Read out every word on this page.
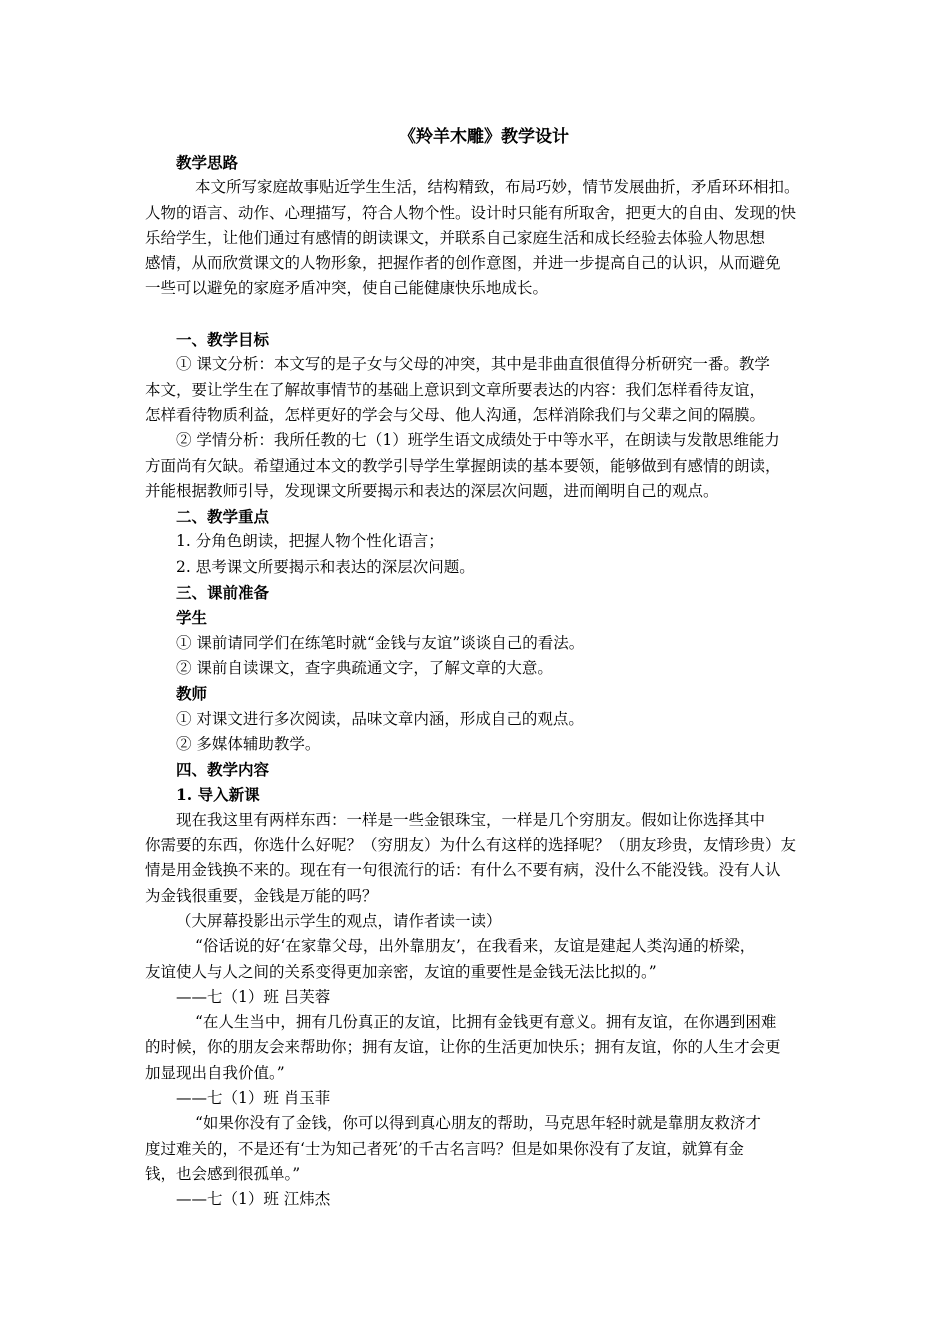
《羚羊木雕》教学设计

教学思路

本文所写家庭故事贴近学生生活，结构精致，布局巧妙，情节发展曲折，矛盾环环相扣。

人物的语言、动作、心理描写，符合人物个性。设计时只能有所取舍，把更大的自由、发现的快

乐给学生，让他们通过有感情的朗读课文，并联系自己家庭生活和成长经验去体验人物思想

感情，从而欣赏课文的人物形象，把握作者的创作意图，并进一步提高自己的认识，从而避免

一些可以避免的家庭矛盾冲突，使自己能健康快乐地成长。

一、教学目标

① 课文分析：本文写的是子女与父母的冲突，其中是非曲直很值得分析研究一番。教学

本文，要让学生在了解故事情节的基础上意识到文章所要表达的内容：我们怎样看待友谊，

怎样看待物质利益，怎样更好的学会与父母、他人沟通，怎样消除我们与父辈之间的隔膜。

② 学情分析：我所任教的七（1）班学生语文成绩处于中等水平，在朗读与发散思维能力

方面尚有欠缺。希望通过本文的教学引导学生掌握朗读的基本要领，能够做到有感情的朗读，

并能根据教师引导，发现课文所要揭示和表达的深层次问题，进而阐明自己的观点。

二、教学重点

1. 分角色朗读，把握人物个性化语言；

2. 思考课文所要揭示和表达的深层次问题。

三、课前准备

学生

① 课前请同学们在练笔时就“金钱与友谊”谈谈自己的看法。

② 课前自读课文，查字典疏通文字，了解文章的大意。

教师

① 对课文进行多次阅读，品味文章内涵，形成自己的观点。

② 多媒体辅助教学。

四、教学内容

1. 导入新课

现在我这里有两样东西：一样是一些金银珠宝，一样是几个穷朋友。假如让你选择其中

你需要的东西，你选什么好呢？（穷朋友）为什么有这样的选择呢？（朋友珍贵，友情珍贵）友

情是用金钱换不来的。现在有一句很流行的话：有什么不要有病，没什么不能没钱。没有人认

为金钱很重要，金钱是万能的吗？

（大屏幕投影出示学生的观点，请作者读一读）

“俗话说的好‘在家靠父母，出外靠朋友’，在我看来，友谊是建起人类沟通的桥梁，

友谊使人与人之间的关系变得更加亲密，友谊的重要性是金钱无法比拟的。”

——七（1）班 吕芙蓉

“在人生当中，拥有几份真正的友谊，比拥有金钱更有意义。拥有友谊，在你遇到困难

的时候，你的朋友会来帮助你；拥有友谊，让你的生活更加快乐；拥有友谊，你的人生才会更

加显现出自我价值。”

——七（1）班 肖玉菲

“如果你没有了金钱，你可以得到真心朋友的帮助，马克思年轻时就是靠朋友救济才

度过难关的，不是还有‘士为知己者死’的千古名言吗？但是如果你没有了友谊，就算有金

钱，也会感到很孤单。”

——七（1）班 江炜杰
